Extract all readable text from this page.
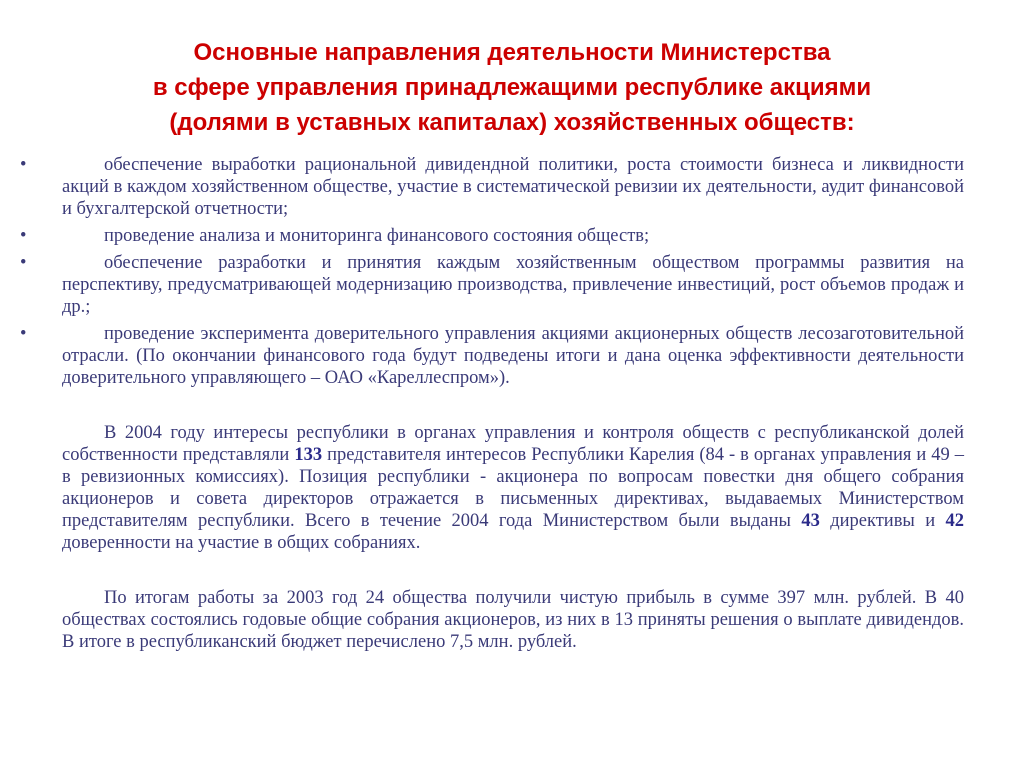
Основные направления деятельности Министерства
в сфере управления принадлежащими республике акциями
(долями в уставных капиталах) хозяйственных обществ:
•	обеспечение выработки рациональной дивидендной политики, роста стоимости бизнеса и ликвидности акций в каждом хозяйственном обществе, участие в систематической ревизии их деятельности, аудит финансовой и бухгалтерской отчетности;
•	проведение анализа и мониторинга финансового состояния обществ;
•	обеспечение разработки и принятия каждым хозяйственным обществом программы развития на перспективу, предусматривающей модернизацию производства, привлечение инвестиций, рост объемов продаж и др.;
•	проведение эксперимента доверительного управления акциями акционерных обществ лесозаготовительной отрасли. (По окончании финансового года будут подведены итоги и дана оценка эффективности деятельности доверительного управляющего – ОАО «Кареллеспром»).

В 2004 году интересы республики в органах управления и контроля обществ с республиканской долей собственности представляли 133 представителя интересов Республики Карелия (84 - в органах управления и 49 – в ревизионных комиссиях). Позиция республики - акционера по вопросам повестки дня общего собрания акционеров и совета директоров отражается в письменных директивах, выдаваемых Министерством представителям республики. Всего в течение 2004 года Министерством были выданы 43 директивы и 42 доверенности на участие в общих собраниях.

По итогам работы за 2003 год 24 общества получили чистую прибыль в сумме 397 млн. рублей. В 40 обществах состоялись годовые общие собрания акционеров, из них в 13 приняты решения о выплате дивидендов. В итоге в республиканский бюджет перечислено 7,5 млн. рублей.
